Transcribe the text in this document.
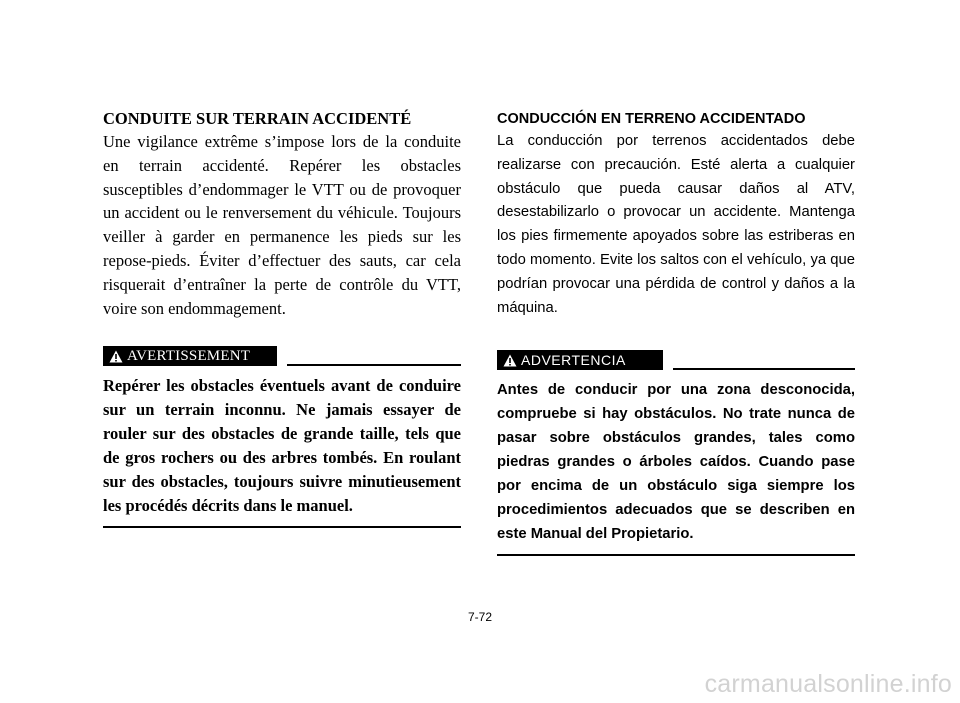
CONDUITE SUR TERRAIN ACCIDENTÉ

Une vigilance extrême s’impose lors de la conduite en terrain accidenté. Repérer les obstacles susceptibles d’endommager le VTT ou de provoquer un accident ou le renversement du véhicule. Toujours veiller à garder en permanence les pieds sur les repose-pieds. Éviter d’effectuer des sauts, car cela risquerait d’entraîner la perte de contrôle du VTT, voire son endommagement.

AVERTISSEMENT

Repérer les obstacles éventuels avant de conduire sur un terrain inconnu. Ne jamais essayer de rouler sur des obstacles de grande taille, tels que de gros rochers ou des arbres tombés. En roulant sur des obstacles, toujours suivre minutieusement les procédés décrits dans le manuel.

CONDUCCIÓN EN TERRENO ACCIDENTADO

La conducción por terrenos accidentados debe realizarse con precaución. Esté alerta a cualquier obstáculo que pueda causar daños al ATV, desestabilizarlo o provocar un accidente. Mantenga los pies firmemente apoyados sobre las estriberas en todo momento. Evite los saltos con el vehículo, ya que podrían provocar una pérdida de control y daños a la máquina.

ADVERTENCIA

Antes de conducir por una zona desconocida, compruebe si hay obstáculos. No trate nunca de pasar sobre obstáculos grandes, tales como piedras grandes o árboles caídos. Cuando pase por encima de un obstáculo siga siempre los procedimientos adecuados que se describen en este Manual del Propietario.

7-72
carmanualsonline.info
